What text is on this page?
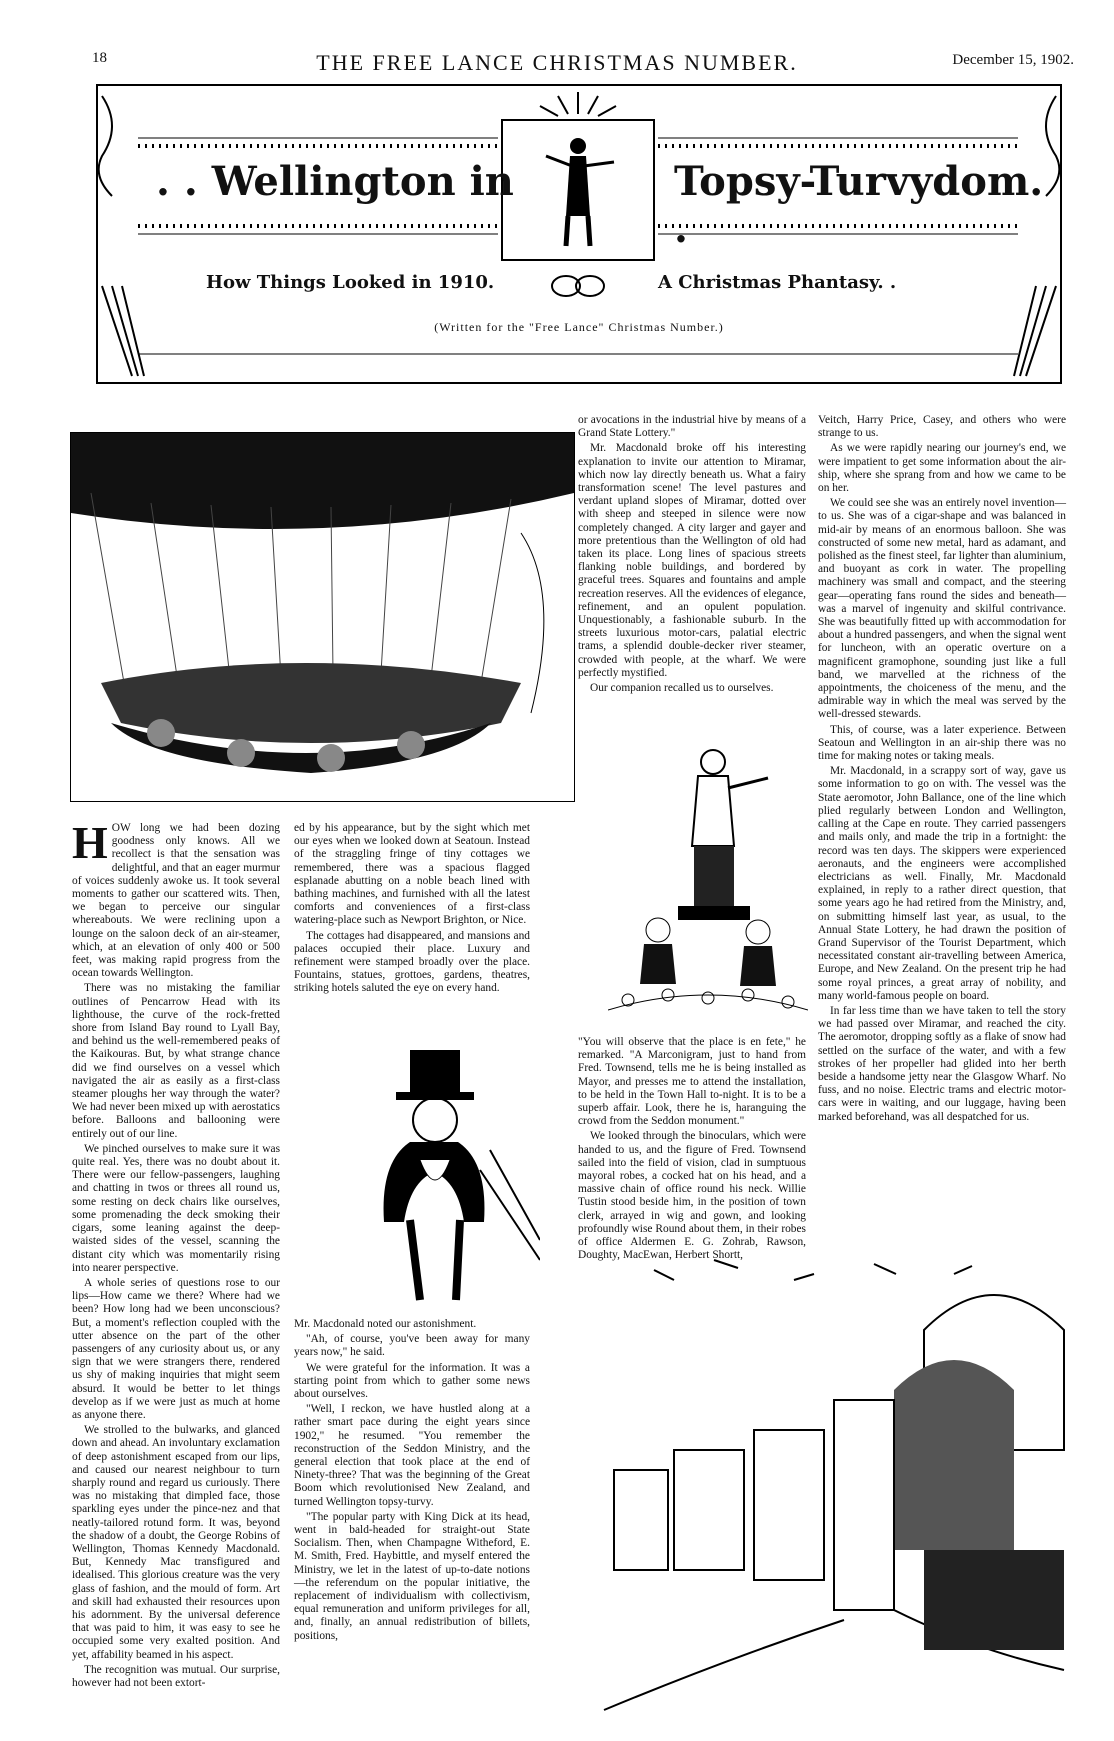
18	THE FREE LANCE CHRISTMAS NUMBER.	December 15, 1902.
. . Wellington in	Topsy-Turvydom. .
How Things Looked in 1910.	A Christmas Phantasy. .
(Written for the "Free Lance" Christmas Number.)
H OW long we had been dozing goodness only knows. All we recollect is that the sensation was delightful, and that an eager murmur of voices suddenly awoke us. It took several moments to gather our scattered wits. Then, we began to perceive our singular whereabouts. We were reclining upon a lounge on the saloon deck of an air-steamer, which, at an elevation of only 400 or 500 feet, was making rapid progress from the ocean towards Wellington.

There was no mistaking the familiar outlines of Pencarrow Head with its lighthouse, the curve of the rock-fretted shore from Island Bay round to Lyall Bay, and behind us the well-remembered peaks of the Kaikouras. But, by what strange chance did we find ourselves on a vessel which navigated the air as easily as a first-class steamer ploughs her way through the water? We had never been mixed up with aerostatics before. Balloons and ballooning were entirely out of our line.

We pinched ourselves to make sure it was quite real. Yes, there was no doubt about it. There were our fellow-passengers, laughing and chatting in twos or threes all round us, some resting on deck chairs like ourselves, some promenading the deck smoking their cigars, some leaning against the deep-waisted sides of the vessel, scanning the distant city which was momentarily rising into nearer perspective.

A whole series of questions rose to our lips—How came we there? Where had we been? How long had we been unconscious? But, a moment's reflection coupled with the utter absence on the part of the other passengers of any curiosity about us, or any sign that we were strangers there, rendered us shy of making inquiries that might seem absurd. It would be better to let things develop as if we were just as much at home as anyone there.

We strolled to the bulwarks, and glanced down and ahead. An involuntary exclamation of deep astonishment escaped from our lips, and caused our nearest neighbour to turn sharply round and regard us curiously. There was no mistaking that dimpled face, those sparkling eyes under the pince-nez and that neatly-tailored rotund form. It was, beyond the shadow of a doubt, the George Robins of Wellington, Thomas Kennedy Macdonald. But, Kennedy Mac transfigured and idealised. This glorious creature was the very glass of fashion, and the mould of form. Art and skill had exhausted their resources upon his adornment. By the universal deference that was paid to him, it was easy to see he occupied some very exalted position. And yet, affability beamed in his aspect.

The recognition was mutual. Our surprise, however had not been extort-

ed by his appearance, but by the sight which met our eyes when we looked down at Seatoun. Instead of the straggling fringe of tiny cottages we remembered, there was a spacious flagged esplanade abutting on a noble beach lined with bathing machines, and furnished with all the latest comforts and conveniences of a first-class watering-place such as Newport Brighton, or Nice.

The cottages had disappeared, and mansions and palaces occupied their place. Luxury and refinement were stamped broadly over the place. Fountains, statues, grottoes, gardens, theatres, striking hotels saluted the eye on every hand.

Mr. Macdonald noted our astonishment.

"Ah, of course, you've been away for many years now," he said.

We were grateful for the information. It was a starting point from which to gather some news about ourselves.

"Well, I reckon, we have hustled along at a rather smart pace during the eight years since 1902," he resumed. "You remember the reconstruction of the Seddon Ministry, and the general election that took place at the end of Ninety-three? That was the beginning of the Great Boom which revolutionised New Zealand, and turned Wellington topsy-turvy.

"The popular party with King Dick at its head, went in bald-headed for straight-out State Socialism. Then, when Champagne Witheford, E. M. Smith, Fred. Haybittle, and myself entered the Ministry, we let in the latest of up-to-date notions—the referendum on the popular initiative, the replacement of individualism with collectivism, equal remuneration and uniform privileges for all, and, finally, an annual redistribution of billets, positions,

or avocations in the industrial hive by means of a Grand State Lottery."

Mr. Macdonald broke off his interesting explanation to invite our attention to Miramar, which now lay directly beneath us. What a fairy transformation scene! The level pastures and verdant upland slopes of Miramar, dotted over with sheep and steeped in silence were now completely changed. A city larger and gayer and more pretentious than the Wellington of old had taken its place. Long lines of spacious streets flanking noble buildings, and bordered by graceful trees. Squares and fountains and ample recreation reserves. All the evidences of elegance, refinement, and an opulent population. Unquestionably, a fashionable suburb. In the streets luxurious motor-cars, palatial electric trams, a splendid double-decker river steamer, crowded with people, at the wharf. We were perfectly mystified.

Our companion recalled us to ourselves.

"You will observe that the place is en fete," he remarked. "A Marconigram, just to hand from Fred. Townsend, tells me he is being installed as Mayor, and presses me to attend the installation, to be held in the Town Hall to-night. It is to be a superb affair. Look, there he is, haranguing the crowd from the Seddon monument."

We looked through the binoculars, which were handed to us, and the figure of Fred. Townsend sailed into the field of vision, clad in sumptuous mayoral robes, a cocked hat on his head, and a massive chain of office round his neck. Willie Tustin stood beside him, in the position of town clerk, arrayed in wig and gown, and looking profoundly wise Round about them, in their robes of office Aldermen E. G. Zohrab, Rawson, Doughty, MacEwan, Herbert Shortt,

Veitch, Harry Price, Casey, and others who were strange to us.

As we were rapidly nearing our journey's end, we were impatient to get some information about the air-ship, where she sprang from and how we came to be on her.

We could see she was an entirely novel invention—to us. She was of a cigar-shape and was balanced in mid-air by means of an enormous balloon. She was constructed of some new metal, hard as adamant, and polished as the finest steel, far lighter than aluminium, and buoyant as cork in water. The propelling machinery was small and compact, and the steering gear—operating fans round the sides and beneath—was a marvel of ingenuity and skilful contrivance. She was beautifully fitted up with accommodation for about a hundred passengers, and when the signal went for luncheon, with an operatic overture on a magnificent gramophone, sounding just like a full band, we marvelled at the richness of the appointments, the choiceness of the menu, and the admirable way in which the meal was served by the well-dressed stewards.

This, of course, was a later experience. Between Seatoun and Wellington in an air-ship there was no time for making notes or taking meals.

Mr. Macdonald, in a scrappy sort of way, gave us some information to go on with. The vessel was the State aeromotor, John Ballance, one of the line which plied regularly between London and Wellington, calling at the Cape en route. They carried passengers and mails only, and made the trip in a fortnight: the record was ten days. The skippers were experienced aeronauts, and the engineers were accomplished electricians as well. Finally, Mr. Macdonald explained, in reply to a rather direct question, that some years ago he had retired from the Ministry, and, on submitting himself last year, as usual, to the Annual State Lottery, he had drawn the position of Grand Supervisor of the Tourist Department, which necessitated constant air-travelling between America, Europe, and New Zealand. On the present trip he had some royal princes, a great array of nobility, and many world-famous people on board.

In far less time than we have taken to tell the story we had passed over Miramar, and reached the city. The aeromotor, dropping softly as a flake of snow had settled on the surface of the water, and with a few strokes of her propeller had glided into her berth beside a handsome jetty near the Glasgow Wharf. No fuss, and no noise. Electric trams and electric motor-cars were in waiting, and our luggage, having been marked beforehand, was all despatched for us.
